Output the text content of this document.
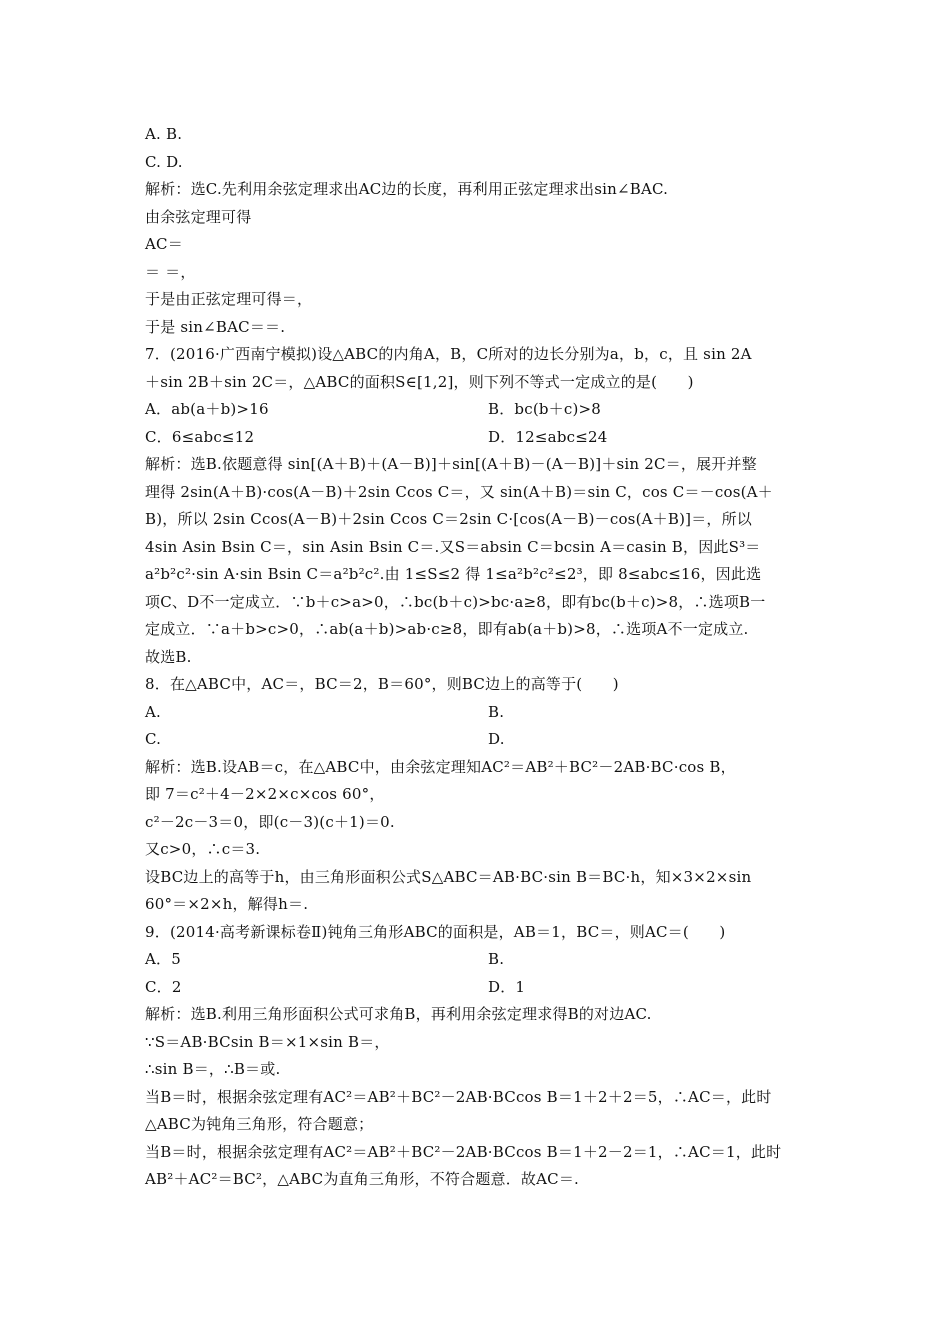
A. B.
C. D.
解析：选C.先利用余弦定理求出AC边的长度，再利用正弦定理求出sin∠BAC.
由余弦定理可得
AC＝
＝ ＝，
于是由正弦定理可得＝，
于是 sin∠BAC＝＝.
7．(2016·广西南宁模拟)设△ABC的内角A，B，C所对的边长分别为a，b，c，且 sin 2A
＋sin 2B＋sin 2C＝，△ABC的面积S∈[1,2]，则下列不等式一定成立的是(　　)
A．ab(a＋b)>16	B．bc(b＋c)>8
C．6≤abc≤12	D．12≤abc≤24
解析：选B.依题意得 sin[(A＋B)＋(A－B)]＋sin[(A＋B)－(A－B)]＋sin 2C＝，展开并整
理得 2sin(A＋B)·cos(A－B)＋2sin Ccos C＝，又 sin(A＋B)＝sin C，cos C＝－cos(A＋
B)，所以 2sin Ccos(A－B)＋2sin Ccos C＝2sin C·[cos(A－B)－cos(A＋B)]＝，所以
4sin Asin Bsin C＝，sin Asin Bsin C＝.又S＝absin C＝bcsin A＝casin B，因此S³＝
a²b²c²·sin A·sin Bsin C＝a²b²c².由 1≤S≤2 得 1≤a²b²c²≤2³，即 8≤abc≤16，因此选
项C、D不一定成立．∵b＋c>a>0，∴bc(b＋c)>bc·a≥8，即有bc(b＋c)>8，∴选项B一
定成立．∵a＋b>c>0，∴ab(a＋b)>ab·c≥8，即有ab(a＋b)>8，∴选项A不一定成立.
故选B.
8．在△ABC中，AC＝，BC＝2，B＝60°，则BC边上的高等于(　　)
A.	B.
C.	D.
解析：选B.设AB＝c，在△ABC中，由余弦定理知AC²＝AB²＋BC²－2AB·BC·cos B，
即 7＝c²＋4－2×2×c×cos 60°，
c²－2c－3＝0，即(c－3)(c＋1)＝0.
又c>0，∴c＝3.
设BC边上的高等于h，由三角形面积公式S△ABC＝AB·BC·sin B＝BC·h，知×3×2×sin
60°＝×2×h，解得h＝.
9．(2014·高考新课标卷Ⅱ)钝角三角形ABC的面积是，AB＝1，BC＝，则AC＝(　　)
A．5	B.
C．2	D．1
解析：选B.利用三角形面积公式可求角B，再利用余弦定理求得B的对边AC.
∵S＝AB·BCsin B＝×1×sin B＝，
∴sin B＝，∴B＝或.
当B＝时，根据余弦定理有AC²＝AB²＋BC²－2AB·BCcos B＝1＋2＋2＝5，∴AC＝，此时
△ABC为钝角三角形，符合题意；
当B＝时，根据余弦定理有AC²＝AB²＋BC²－2AB·BCcos B＝1＋2－2＝1，∴AC＝1，此时
AB²＋AC²＝BC²，△ABC为直角三角形，不符合题意．故AC＝.
